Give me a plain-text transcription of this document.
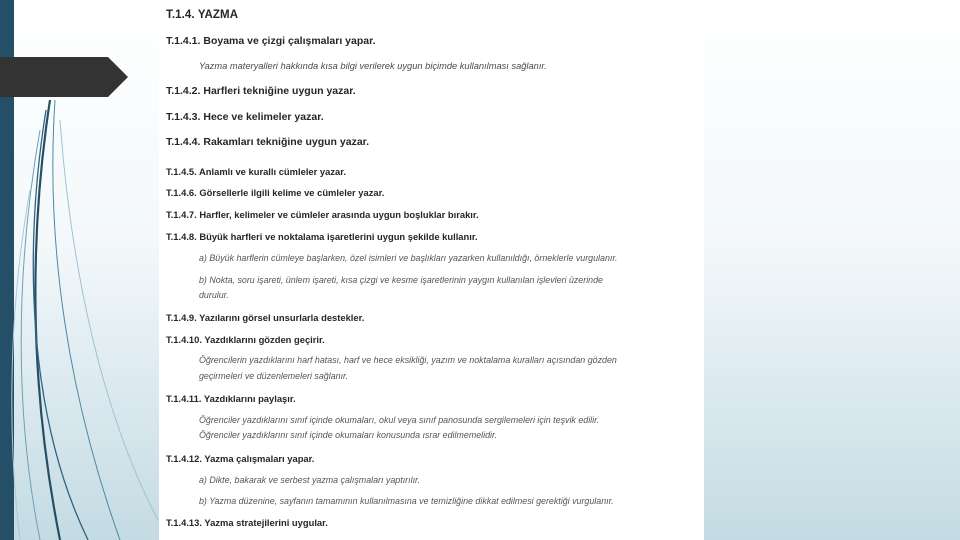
T.1.4. YAZMA
T.1.4.1. Boyama ve çizgi çalışmaları yapar.
Yazma materyalleri hakkında kısa bilgi verilerek uygun biçimde kullanılması sağlanır.
T.1.4.2. Harfleri tekniğine uygun yazar.
T.1.4.3. Hece ve kelimeler yazar.
T.1.4.4. Rakamları tekniğine uygun yazar.
T.1.4.5. Anlamlı ve kurallı cümleler yazar.
T.1.4.6. Görsellerle ilgili kelime ve cümleler yazar.
T.1.4.7. Harfler, kelimeler ve cümleler arasında uygun boşluklar bırakır.
T.1.4.8. Büyük harfleri ve noktalama işaretlerini uygun şekilde kullanır.
a) Büyük harflerin cümleye başlarken, özel isimleri ve başlıkları yazarken kullanıldığı, örneklerle vurgulanır.
b) Nokta, soru işareti, ünlem işareti, kısa çizgi ve kesme işaretlerinin yaygın kullanılan işlevleri üzerinde
durulur.
T.1.4.9. Yazılarını görsel unsurlarla destekler.
T.1.4.10. Yazdıklarını gözden geçirir.
Öğrencilerin yazdıklarını harf hatası, harf ve hece eksikliği, yazım ve noktalama kuralları açısından gözden
geçirmeleri ve düzenlemeleri sağlanır.
T.1.4.11. Yazdıklarını paylaşır.
Öğrenciler yazdıklarını sınıf içinde okumaları, okul veya sınıf panosunda sergilemeleri için teşvik edilir.
Öğrenciler yazdıklarını sınıf içinde okumaları konusunda ısrar edilmemelidir.
T.1.4.12. Yazma çalışmaları yapar.
a) Dikte, bakarak ve serbest yazma çalışmaları yaptırılır.
b) Yazma düzenine, sayfanın tamamının kullanılmasına ve temizliğine dikkat edilmesi gerektiği vurgulanır.
T.1.4.13. Yazma stratejilerini uygular.
